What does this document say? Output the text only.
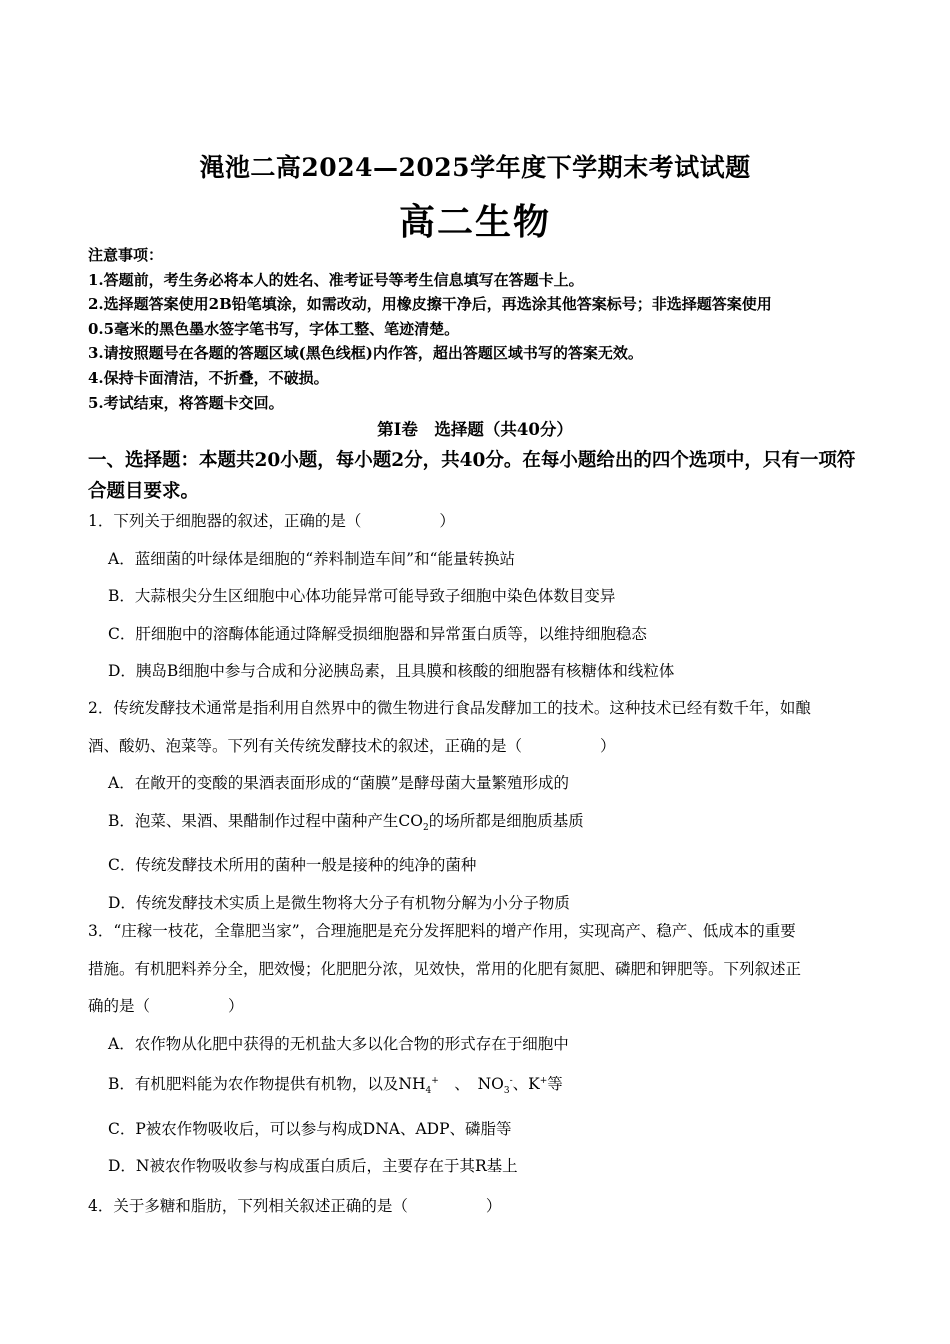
渑池二高2024—2025学年度下学期末考试试题
高二生物
注意事项：
1.答题前，考生务必将本人的姓名、准考证号等考生信息填写在答题卡上。
2.选择题答案使用2B铅笔填涂，如需改动，用橡皮擦干净后，再选涂其他答案标号；非选择题答案使用
0.5毫米的黑色墨水签字笔书写，字体工整、笔迹清楚。
3.请按照题号在各题的答题区域(黑色线框)内作答，超出答题区域书写的答案无效。
4.保持卡面清洁，不折叠，不破损。
5.考试结束，将答题卡交回。
第Ⅰ卷　选择题（共40分）
一、选择题：本题共20小题，每小题2分，共40分。在每小题给出的四个选项中，只有一项符合题目要求。
1．下列关于细胞器的叙述，正确的是（	）
A．蓝细菌的叶绿体是细胞的“养料制造车间”和“能量转换站
B．大蒜根尖分生区细胞中心体功能异常可能导致子细胞中染色体数目变异
C．肝细胞中的溶酶体能通过降解受损细胞器和异常蛋白质等，以维持细胞稳态
D．胰岛B细胞中参与合成和分泌胰岛素，且具膜和核酸的细胞器有核糖体和线粒体
2．传统发酵技术通常是指利用自然界中的微生物进行食品发酵加工的技术。这种技术已经有数千年，如酿
酒、酸奶、泡菜等。下列有关传统发酵技术的叙述，正确的是（	）
A．在敞开的变酸的果酒表面形成的“菌膜”是酵母菌大量繁殖形成的
B．泡菜、果酒、果醋制作过程中菌种产生$CO_2$的场所都是细胞质基质
C．传统发酵技术所用的菌种一般是接种的纯净的菌种
D．传统发酵技术实质上是微生物将大分子有机物分解为小分子物质
3．“庄稼一枝花，全靠肥当家”，合理施肥是充分发挥肥料的增产作用，实现高产、稳产、低成本的重要
措施。有机肥料养分全，肥效慢；化肥肥分浓，见效快，常用的化肥有氮肥、磷肥和钾肥等。下列叙述正
确的是（	）
A．农作物从化肥中获得的无机盐大多以化合物的形式存在于细胞中
B．有机肥料能为农作物提供有机物，以及$NH_4^+$　 、　 $NO_3^-$、K+等
C．P被农作物吸收后，可以参与构成DNA、ADP、磷脂等
D．N被农作物吸收参与构成蛋白质后，主要存在于其R基上
4．关于多糖和脂肪，下列相关叙述正确的是（	）
